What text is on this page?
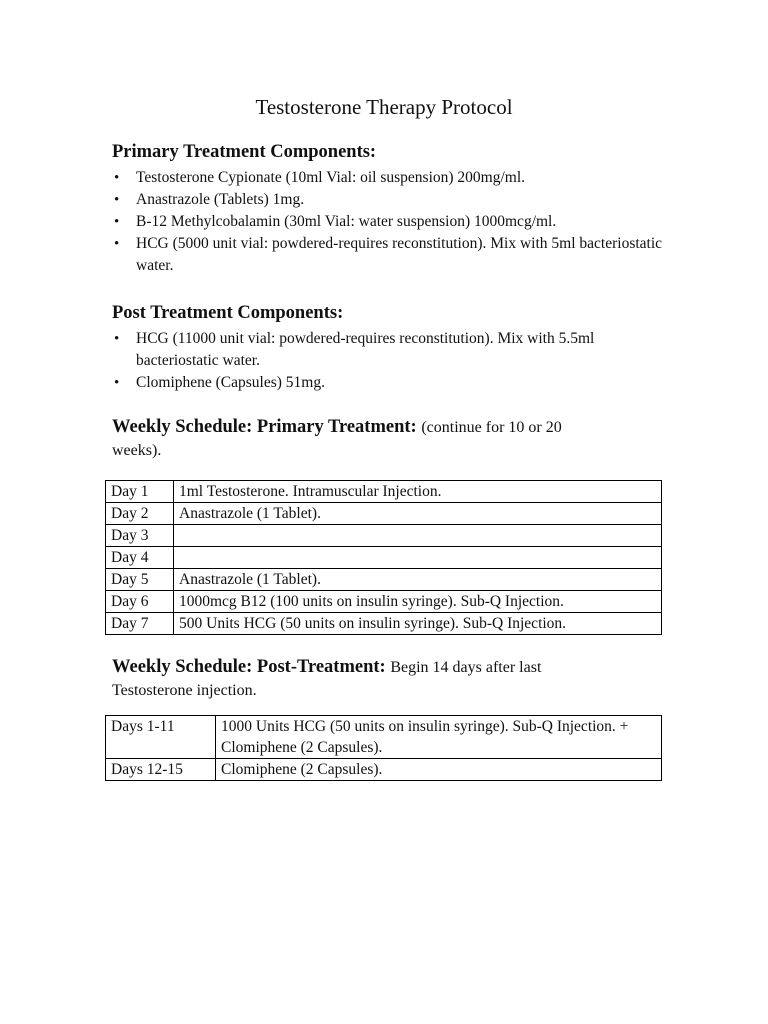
Testosterone Therapy Protocol
Primary Treatment Components:
• Testosterone Cypionate (10ml Vial: oil suspension) 200mg/ml.
• Anastrazole (Tablets) 1mg.
• B-12 Methylcobalamin (30ml Vial: water suspension) 1000mcg/ml.
• HCG (5000 unit vial: powdered-requires reconstitution). Mix with 5ml bacteriostatic water.
Post Treatment Components:
• HCG (11000 unit vial: powdered-requires reconstitution). Mix with 5.5ml bacteriostatic water.
• Clomiphene (Capsules) 51mg.
Weekly Schedule: Primary Treatment: (continue for 10 or 20

weeks).

Day 1	1ml Testosterone. Intramuscular Injection.
Day 2	Anastrazole (1 Tablet).
Day 3	
Day 4	
Day 5	Anastrazole (1 Tablet).
Day 6	1000mcg B12 (100 units on insulin syringe). Sub-Q Injection.
Day 7	500 Units HCG (50 units on insulin syringe). Sub-Q Injection.
Weekly Schedule: Post-Treatment: Begin 14 days after last

Testosterone injection.

Days 1-11	1000 Units HCG (50 units on insulin syringe). Sub-Q Injection. + Clomiphene (2 Capsules).
Days 12-15	Clomiphene (2 Capsules).
